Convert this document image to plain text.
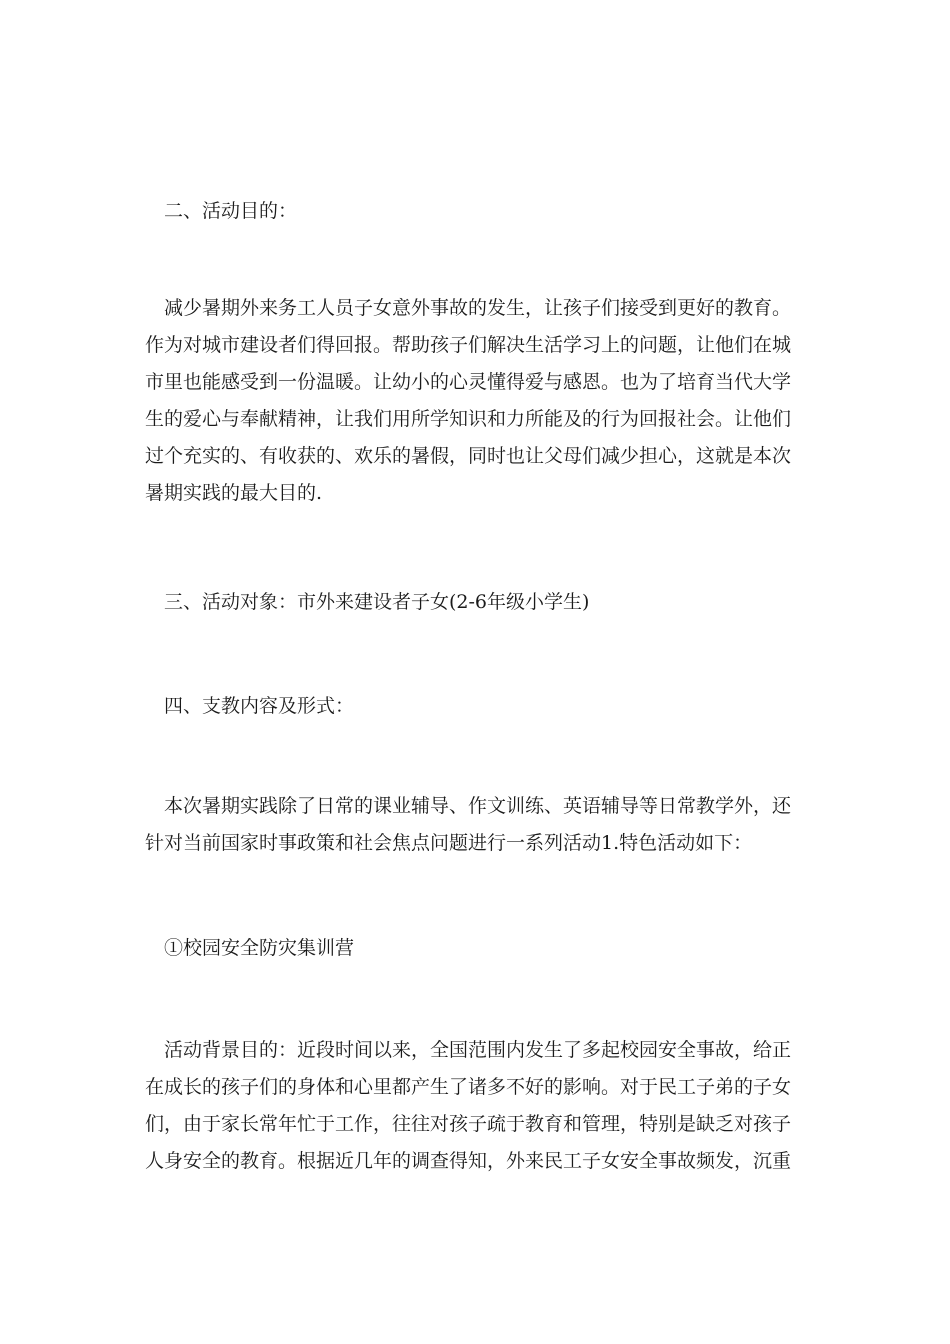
二、活动目的：

减少暑期外来务工人员子女意外事故的发生，让孩子们接受到更好的教育。
作为对城市建设者们得回报。帮助孩子们解决生活学习上的问题，让他们在城
市里也能感受到一份温暖。让幼小的心灵懂得爱与感恩。也为了培育当代大学
生的爱心与奉献精神，让我们用所学知识和力所能及的行为回报社会。让他们
过个充实的、有收获的、欢乐的暑假，同时也让父母们减少担心，这就是本次
暑期实践的最大目的.

三、活动对象：市外来建设者子女(2-6年级小学生)

四、支教内容及形式：

本次暑期实践除了日常的课业辅导、作文训练、英语辅导等日常教学外，还
针对当前国家时事政策和社会焦点问题进行一系列活动1.特色活动如下：

①校园安全防灾集训营

活动背景目的：近段时间以来，全国范围内发生了多起校园安全事故，给正
在成长的孩子们的身体和心里都产生了诸多不好的影响。对于民工子弟的子女
们，由于家长常年忙于工作，往往对孩子疏于教育和管理，特别是缺乏对孩子
人身安全的教育。根据近几年的调查得知，外来民工子女安全事故频发，沉重
